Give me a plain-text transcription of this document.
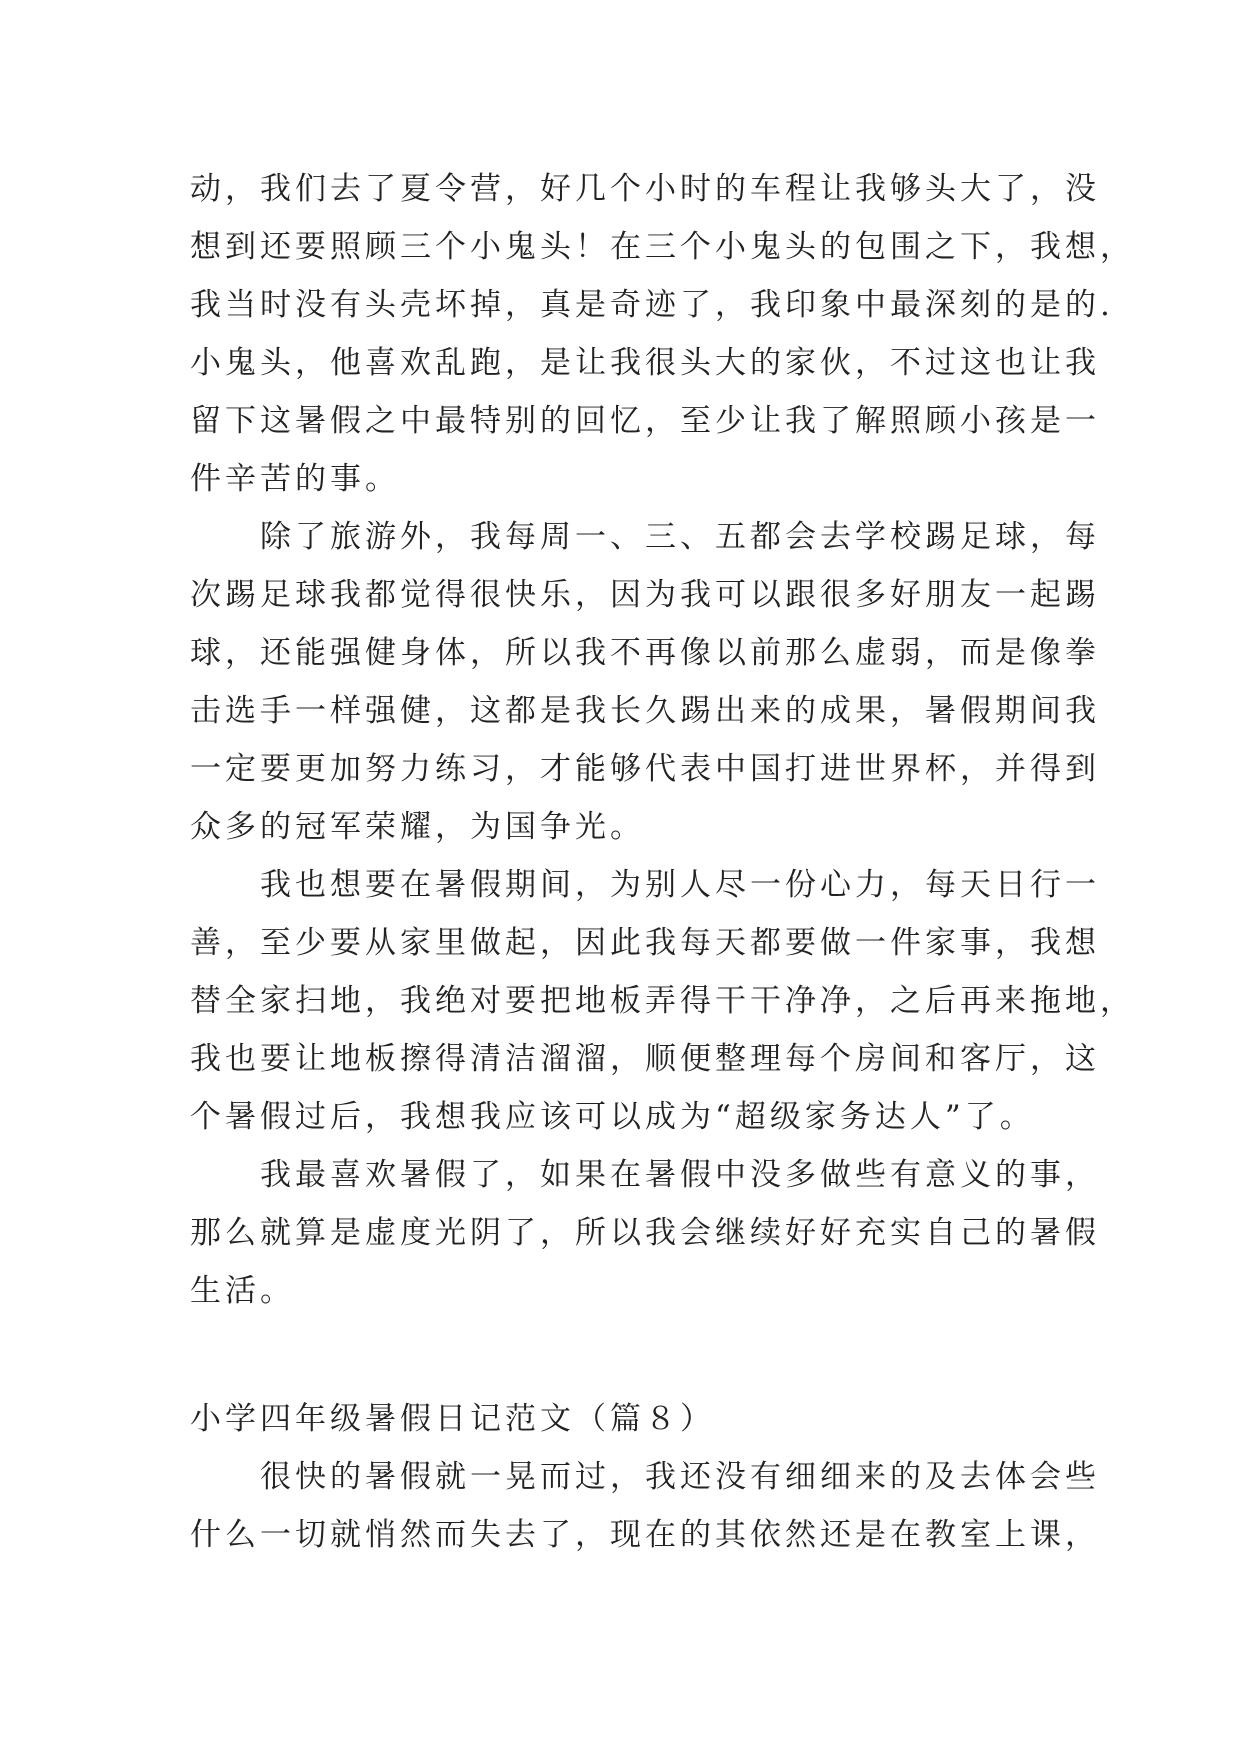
动，我们去了夏令营，好几个小时的车程让我够头大了，没
想到还要照顾三个小鬼头！在三个小鬼头的包围之下，我想，
我当时没有头壳坏掉，真是奇迹了，我印象中最深刻的是的.
小鬼头，他喜欢乱跑，是让我很头大的家伙，不过这也让我
留下这暑假之中最特别的回忆，至少让我了解照顾小孩是一
件辛苦的事。
　　除了旅游外，我每周一、三、五都会去学校踢足球，每
次踢足球我都觉得很快乐，因为我可以跟很多好朋友一起踢
球，还能强健身体，所以我不再像以前那么虚弱，而是像拳
击选手一样强健，这都是我长久踢出来的成果，暑假期间我
一定要更加努力练习，才能够代表中国打进世界杯，并得到
众多的冠军荣耀，为国争光。
　　我也想要在暑假期间，为别人尽一份心力，每天日行一
善，至少要从家里做起，因此我每天都要做一件家事，我想
替全家扫地，我绝对要把地板弄得干干净净，之后再来拖地，
我也要让地板擦得清洁溜溜，顺便整理每个房间和客厅，这
个暑假过后，我想我应该可以成为“超级家务达人”了。
　　我最喜欢暑假了，如果在暑假中没多做些有意义的事，
那么就算是虚度光阴了，所以我会继续好好充实自己的暑假
生活。
小学四年级暑假日记范文（篇８）
　　很快的暑假就一晃而过，我还没有细细来的及去体会些
什么一切就悄然而失去了，现在的其依然还是在教室上课，
